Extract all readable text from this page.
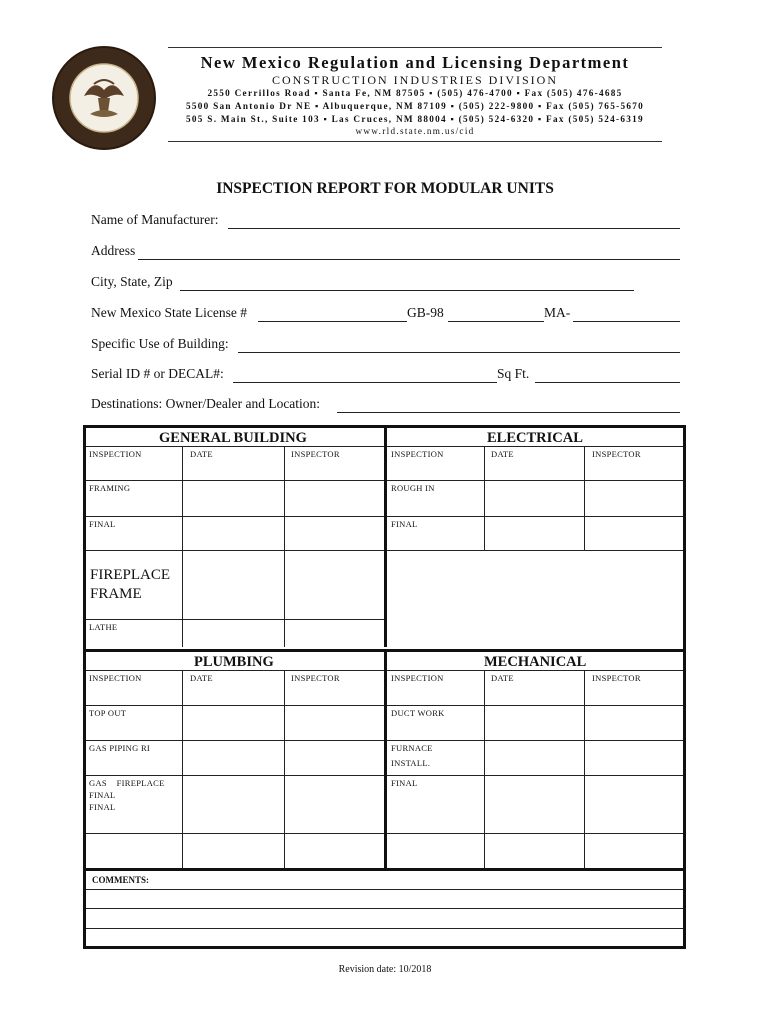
New Mexico Regulation and Licensing Department
CONSTRUCTION INDUSTRIES DIVISION
2550 Cerrillos Road ▪ Santa Fe, NM 87505 ▪ (505) 476-4700 ▪ Fax (505) 476-4685
5500 San Antonio Dr NE ▪ Albuquerque, NM 87109 ▪ (505) 222-9800 ▪ Fax (505) 765-5670
505 S. Main St., Suite 103 ▪ Las Cruces, NM 88004 ▪ (505) 524-6320 ▪ Fax (505) 524-6319
www.rld.state.nm.us/cid
INSPECTION REPORT FOR MODULAR UNITS
Name of Manufacturer:
Address
City, State, Zip
New Mexico State License #	GB-98	MA-
Specific Use of Building:
Serial ID # or DECAL#:	Sq Ft.
Destinations: Owner/Dealer and Location:
GENERAL BUILDING
INSPECTION	DATE	INSPECTOR
FRAMING
FINAL
FIREPLACE
FRAME
LATHE
ELECTRICAL
INSPECTION	DATE	INSPECTOR
ROUGH IN
FINAL
PLUMBING
INSPECTION	DATE	INSPECTOR
TOP OUT
GAS PIPING RI
GAS    FIREPLACE
FINAL
FINAL
MECHANICAL
INSPECTION	DATE	INSPECTOR
DUCT WORK
FURNACE
INSTALL.
FINAL
COMMENTS:
Revision date: 10/2018
